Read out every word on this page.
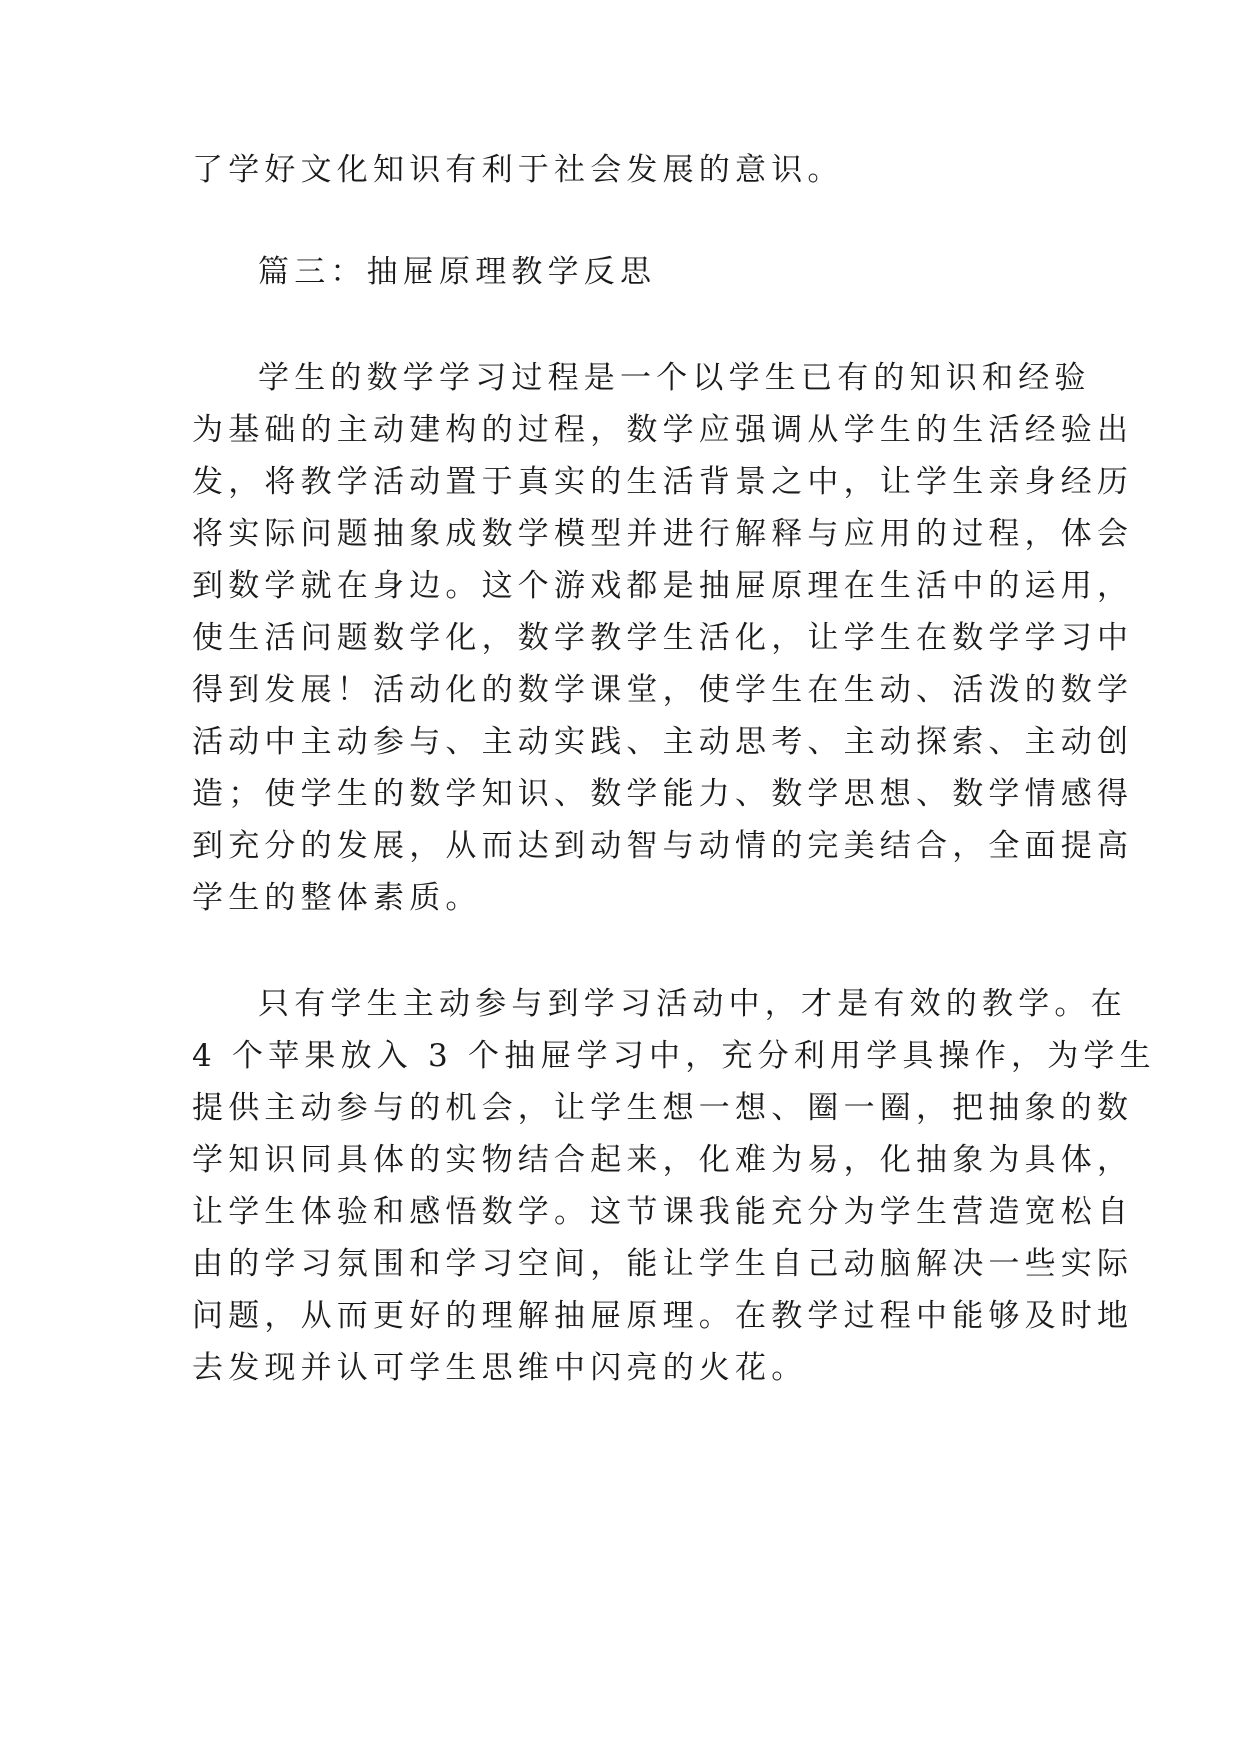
了学好文化知识有利于社会发展的意识。
篇三：抽屉原理教学反思
学生的数学学习过程是一个以学生已有的知识和经验
为基础的主动建构的过程，数学应强调从学生的生活经验出
发，将教学活动置于真实的生活背景之中，让学生亲身经历
将实际问题抽象成数学模型并进行解释与应用的过程，体会
到数学就在身边。这个游戏都是抽屉原理在生活中的运用，
使生活问题数学化，数学教学生活化，让学生在数学学习中
得到发展！活动化的数学课堂，使学生在生动、活泼的数学
活动中主动参与、主动实践、主动思考、主动探索、主动创
造；使学生的数学知识、数学能力、数学思想、数学情感得
到充分的发展，从而达到动智与动情的完美结合，全面提高
学生的整体素质。
只有学生主动参与到学习活动中，才是有效的教学。在
4 个苹果放入 3 个抽屉学习中，充分利用学具操作，为学生
提供主动参与的机会，让学生想一想、圈一圈，把抽象的数
学知识同具体的实物结合起来，化难为易，化抽象为具体，
让学生体验和感悟数学。这节课我能充分为学生营造宽松自
由的学习氛围和学习空间，能让学生自己动脑解决一些实际
问题，从而更好的理解抽屉原理。在教学过程中能够及时地
去发现并认可学生思维中闪亮的火花。
